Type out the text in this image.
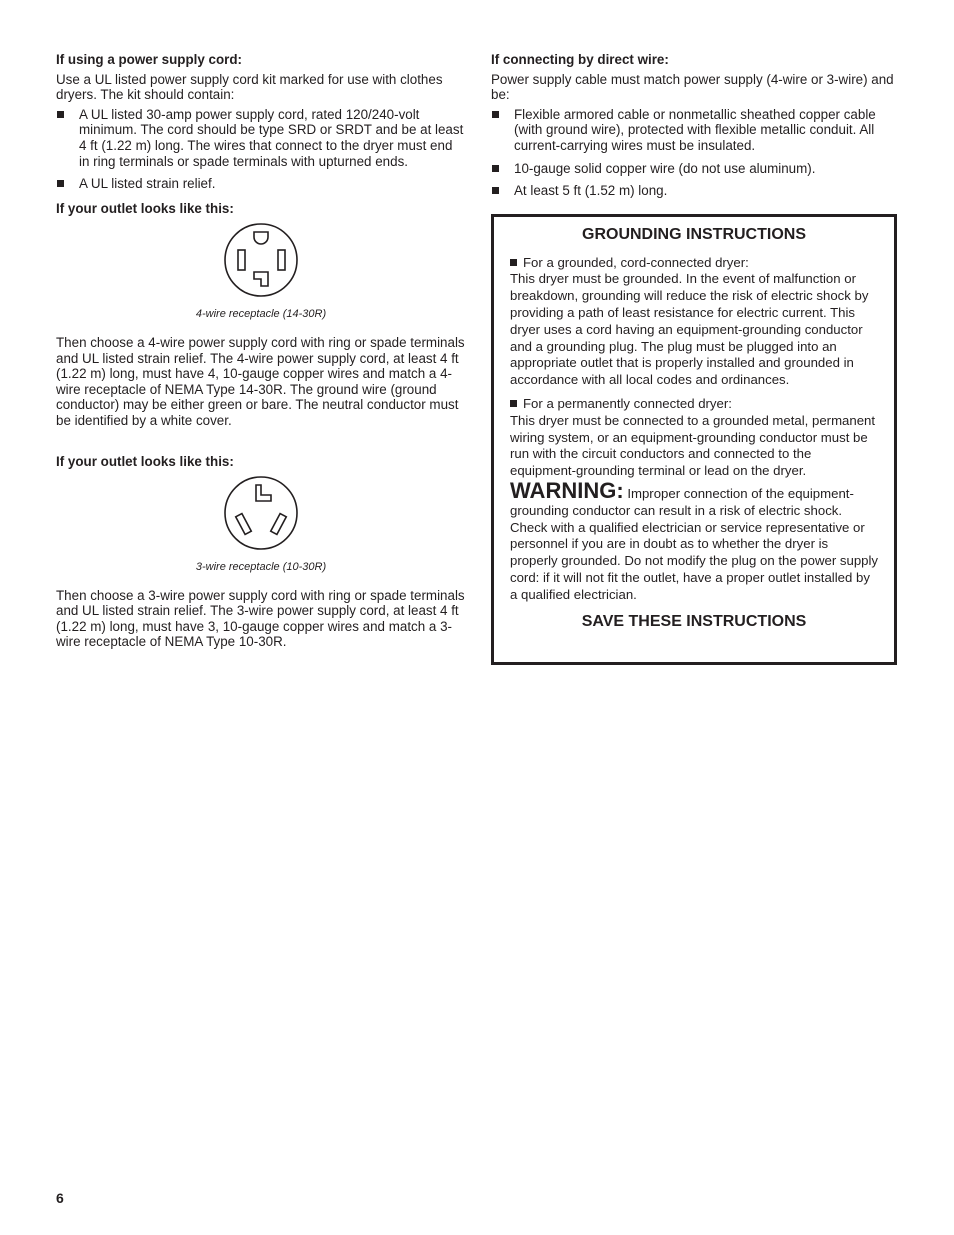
If using a power supply cord:

Use a UL listed power supply cord kit marked for use with clothes dryers. The kit should contain:

A UL listed 30-amp power supply cord, rated 120/240-volt minimum. The cord should be type SRD or SRDT and be at least 4 ft (1.22 m) long. The wires that connect to the dryer must end in ring terminals or spade terminals with upturned ends.
A UL listed strain relief.

If your outlet looks like this:

4-wire receptacle (14-30R)

Then choose a 4-wire power supply cord with ring or spade terminals and UL listed strain relief. The 4-wire power supply cord, at least 4 ft (1.22 m) long, must have 4, 10-gauge copper wires and match a 4-wire receptacle of NEMA Type 14-30R. The ground wire (ground conductor) may be either green or bare. The neutral conductor must be identified by a white cover.

If your outlet looks like this:

3-wire receptacle (10-30R)

Then choose a 3-wire power supply cord with ring or spade terminals and UL listed strain relief. The 3-wire power supply cord, at least 4 ft (1.22 m) long, must have 3, 10-gauge copper wires and match a 3-wire receptacle of NEMA Type 10-30R.

If connecting by direct wire:

Power supply cable must match power supply (4-wire or 3-wire) and be:

Flexible armored cable or nonmetallic sheathed copper cable (with ground wire), protected with flexible metallic conduit. All current-carrying wires must be insulated.
10-gauge solid copper wire (do not use aluminum).
At least 5 ft (1.52 m) long.
GROUNDING INSTRUCTIONS

For a grounded, cord-connected dryer:

This dryer must be grounded. In the event of malfunction or breakdown, grounding will reduce the risk of electric shock by providing a path of least resistance for electric current. This dryer uses a cord having an equipment-grounding conductor and a grounding plug. The plug must be plugged into an appropriate outlet that is properly installed and grounded in accordance with all local codes and ordinances.

For a permanently connected dryer:

This dryer must be connected to a grounded metal, permanent wiring system, or an equipment-grounding conductor must be run with the circuit conductors and connected to the equipment-grounding terminal or lead on the dryer.

WARNING: Improper connection of the equipment-grounding conductor can result in a risk of electric shock. Check with a qualified electrician or service representative or personnel if you are in doubt as to whether the dryer is properly grounded. Do not modify the plug on the power supply cord: if it will not fit the outlet, have a proper outlet installed by a qualified electrician.

SAVE THESE INSTRUCTIONS
6
